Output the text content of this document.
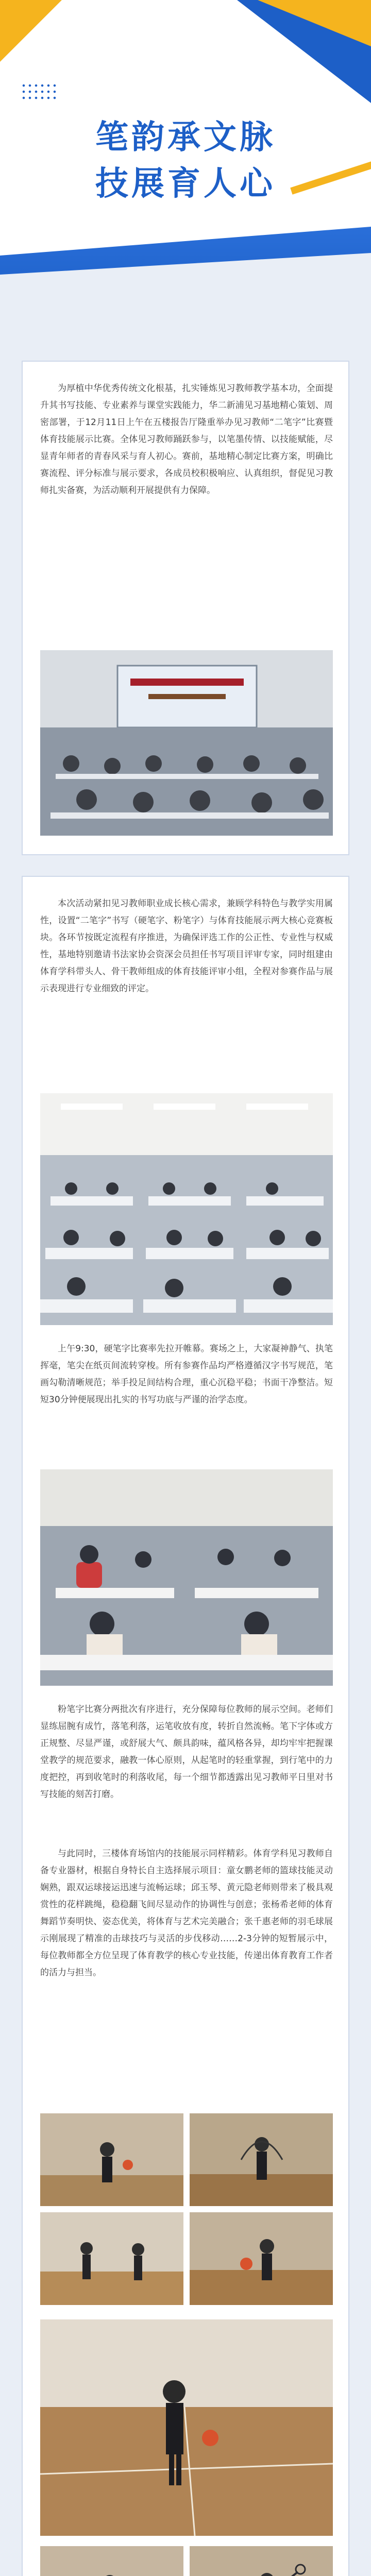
笔韵承文脉
技展育人心

为厚植中华优秀传统文化根基，扎实锤炼见习教师教学基本功，全面提升其书写技能、专业素养与课堂实践能力，华二新浦见习基地精心策划、周密部署，于12月11日上午在五楼报告厅隆重举办见习教师“二笔字”比赛暨体育技能展示比赛。全体见习教师踊跃参与，以笔墨传情、以技能赋能，尽显青年师者的青春风采与育人初心。赛前，基地精心制定比赛方案，明确比赛流程、评分标准与展示要求，各成员校积极响应、认真组织，督促见习教师扎实备赛，为活动顺利开展提供有力保障。

本次活动紧扣见习教师职业成长核心需求，兼顾学科特色与教学实用属性，设置“二笔字”书写（硬笔字、粉笔字）与体育技能展示两大核心竞赛板块。各环节按既定流程有序推进，为确保评选工作的公正性、专业性与权威性，基地特别邀请书法家协会资深会员担任书写项目评审专家，同时组建由体育学科带头人、骨干教师组成的体育技能评审小组，全程对参赛作品与展示表现进行专业细致的评定。

上午9:30，硬笔字比赛率先拉开帷幕。赛场之上，大家凝神静气、执笔挥毫，笔尖在纸页间流转穿梭。所有参赛作品均严格遵循汉字书写规范，笔画勾勒清晰规范；举手投足间结构合理，重心沉稳平稳；书面干净整洁。短短30分钟便展现出扎实的书写功底与严谨的治学态度。

粉笔字比赛分两批次有序进行，充分保障每位教师的展示空间。老师们显练屈腕有成竹，落笔利落，运笔收放有度，转折自然流畅。笔下字体或方正规整、尽显严谨，或舒展大气、颇具韵味，蕴风格各异，却均牢牢把握课堂教学的规范要求，融教一体心原则，从起笔时的轻重掌握，到行笔中的力度把控，再到收笔时的利落收尾，每一个细节都透露出见习教师平日里对书写技能的刻苦打磨。

与此同时，三楼体育场馆内的技能展示同样精彩。体育学科见习教师自备专业器材，根据自身特长自主选择展示项目：童女鹏老师的篮球技能灵动娴熟，跟双运球接运迅速与流畅运球；邱玉琴、黄元隐老师则带来了极具观赏性的花样跳绳，稳稳翻飞间尽显动作的协调性与创意；张杨希老师的体育舞蹈节奏明快、姿态优美，将体育与艺术完美融合；张千惠老师的羽毛球展示刚展现了精准的击球技巧与灵活的步伐移动……2-3分钟的短暂展示中，每位教师都全方位呈现了体育教学的核心专业技能，传递出体育教育工作者的活力与担当。
